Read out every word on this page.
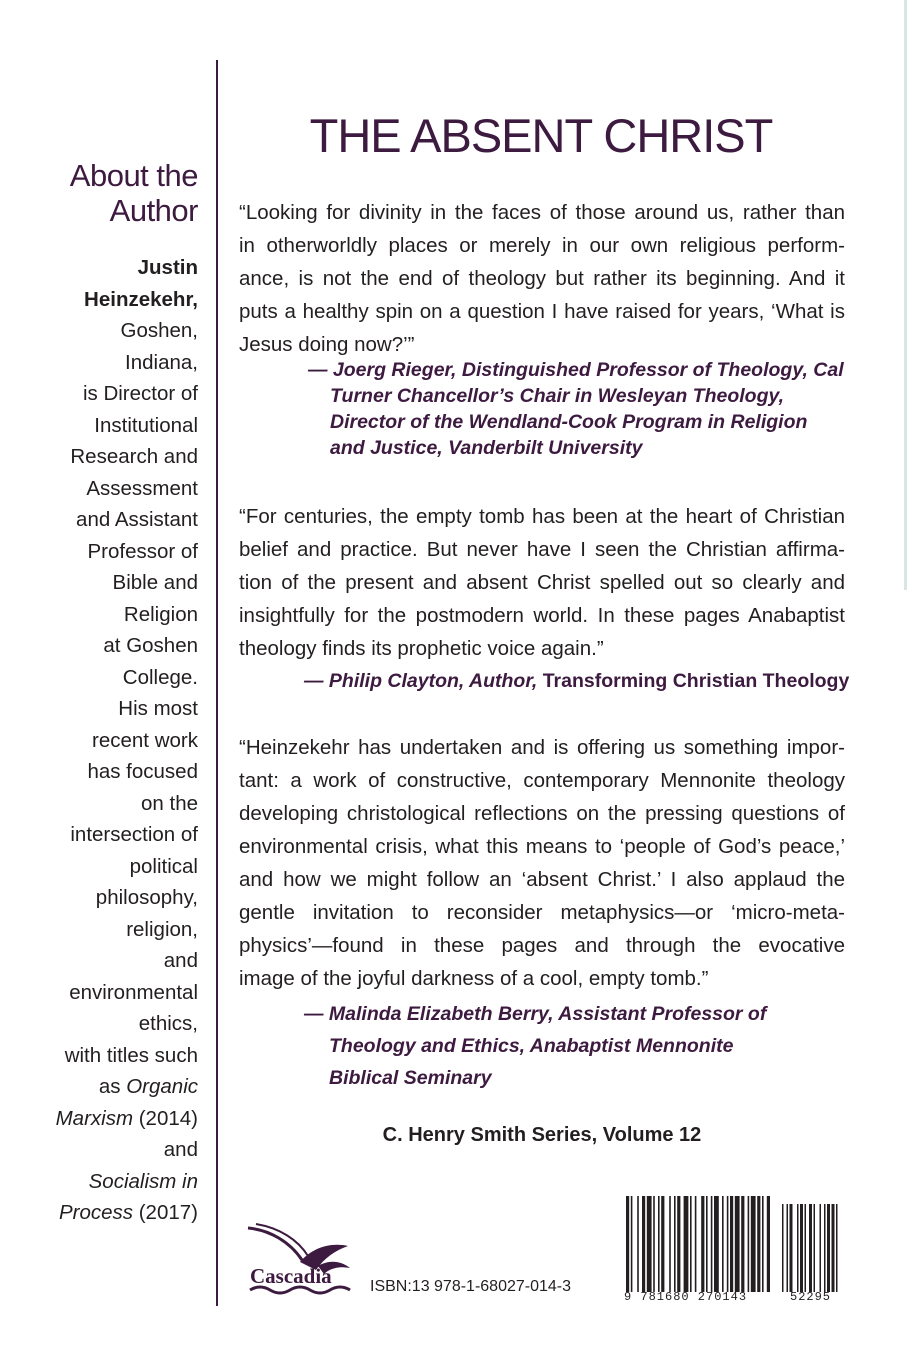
About the
Author
Justin
Heinzekehr,
Goshen,
Indiana,
is Director of
Institutional
Research and
Assessment
and Assistant
Professor of
Bible and
Religion
at Goshen
College.
His most
recent work
has focused
on the
intersection of
political
philosophy,
religion,
and
environmental
ethics,
with titles such
as Organic
Marxism (2014)
and
Socialism in
Process (2017)
THE ABSENT CHRIST
“Looking for divinity in the faces of those around us, rather than
in otherworldly places or merely in our own religious perform-
ance, is not the end of theology but rather its beginning. And it
puts a healthy spin on a question I have raised for years, ‘What is
Jesus doing now?’”
— Joerg Rieger, Distinguished Professor of Theology, Cal
Turner Chancellor’s Chair in Wesleyan Theology,
Director of the Wendland-Cook Program in Religion
and Justice, Vanderbilt University
“For centuries, the empty tomb has been at the heart of Christian
belief and practice. But never have I seen the Christian affirma-
tion of the present and absent Christ spelled out so clearly and
insightfully for the postmodern world. In these pages Anabaptist
theology finds its prophetic voice again.”
— Philip Clayton, Author, Transforming Christian Theology
“Heinzekehr has undertaken and is offering us something impor-
tant: a work of constructive, contemporary Mennonite theology
developing christological reflections on the pressing questions of
environmental crisis, what this means to ‘people of God’s peace,’
and how we might follow an ‘absent Christ.’ I also applaud the
gentle invitation to reconsider metaphysics—or ‘micro-meta-
physics’—found in these pages and through the evocative
image of the joyful darkness of a cool, empty tomb.”
— Malinda Elizabeth Berry, Assistant Professor of
Theology and Ethics, Anabaptist Mennonite
Biblical Seminary
C. Henry Smith Series, Volume 12
Cascadia ISBN:13 978-1-68027-014-3
9 781680 270143	52295
